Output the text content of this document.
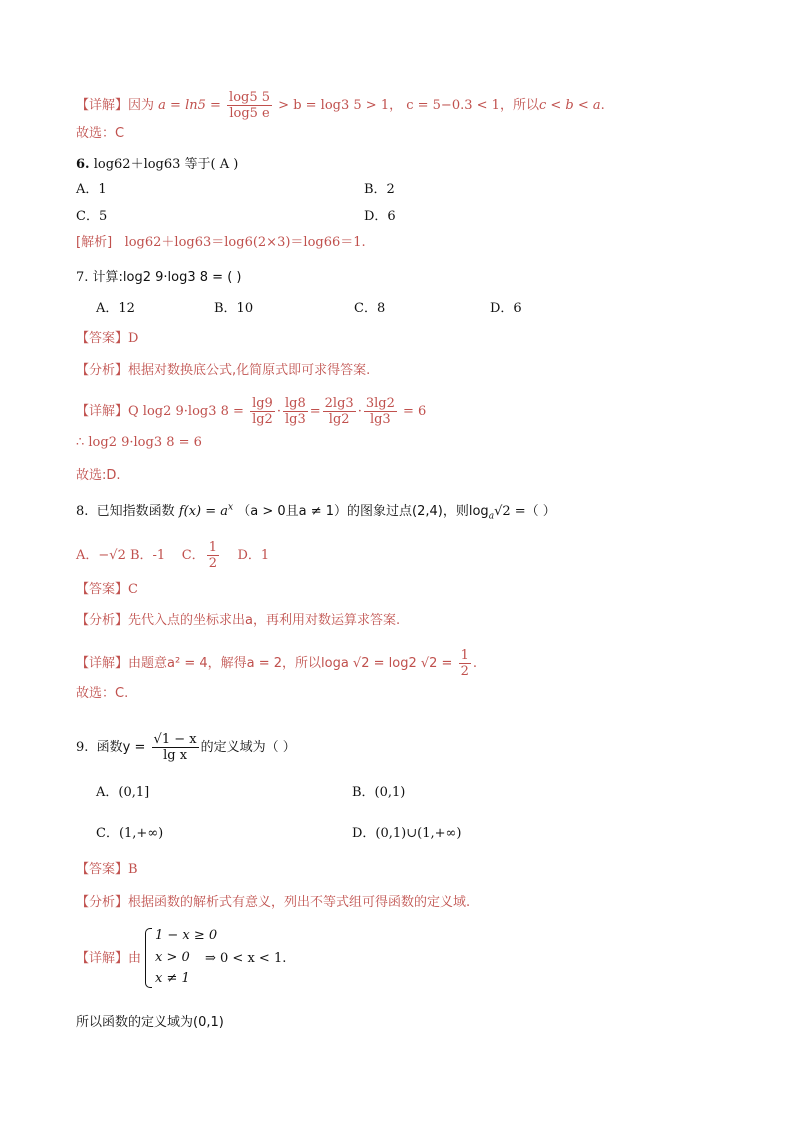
【详解】因为 $a = \ln 5 = \frac{\log 5 5}{\log 5 e} > b = \log 3$ 5 > 1， c = 5−0.3 < 1，所以c < b < a.
故选：C
6. log62＋log63 等于( A )
A．1	B．2
C．5	D．6
[解析] log62＋log63＝log6(2×3)＝log66＝1.
7. 计算:log2 9·log3 8 = ( )
A．12	B．10	C．8	D．6
【答案】D
【分析】根据对数换底公式,化简原式即可求得答案.
【详解】Q log2 9·log3 $8 = \frac{\lg 9}{\lg 2} \cdot \frac{\lg 8}{\lg 3} = \frac{2\lg 3}{\lg 2} \cdot \frac{3\lg 2}{\lg 3} = 6$
∴ log2 9·log3 8 = 6
故选:D.
8. 已知指数函数 $f(x) = a^x$ （a > 0且a ≠ 1）的图象过点(2,4)，则$\log_a√2$ =（ ）
A．−√2 B．-1 C． $\frac{1}{2}$ D．1
【答案】C
【分析】先代入点的坐标求出a，再利用对数运算求答案.
【详解】由题意a² = 4，解得a = 2，所以loga √2 = log2 $√2 = \frac{1}{2}$ .
故选：C.
9. 函数$y = \frac{√1 - x}{\text{lg x}}$ 的定义域为（ ）
A．(0,1]	B．(0,1)
C．(1,+∞)	D．(0,1)∪(1,+∞)
【答案】B
【分析】根据函数的解析式有意义，列出不等式组可得函数的定义域.
【详解】由
1 − x ≥ 0
x > 0
x ≠ 1
⇒ 0 < x < 1.
所以函数的定义域为(0,1)
